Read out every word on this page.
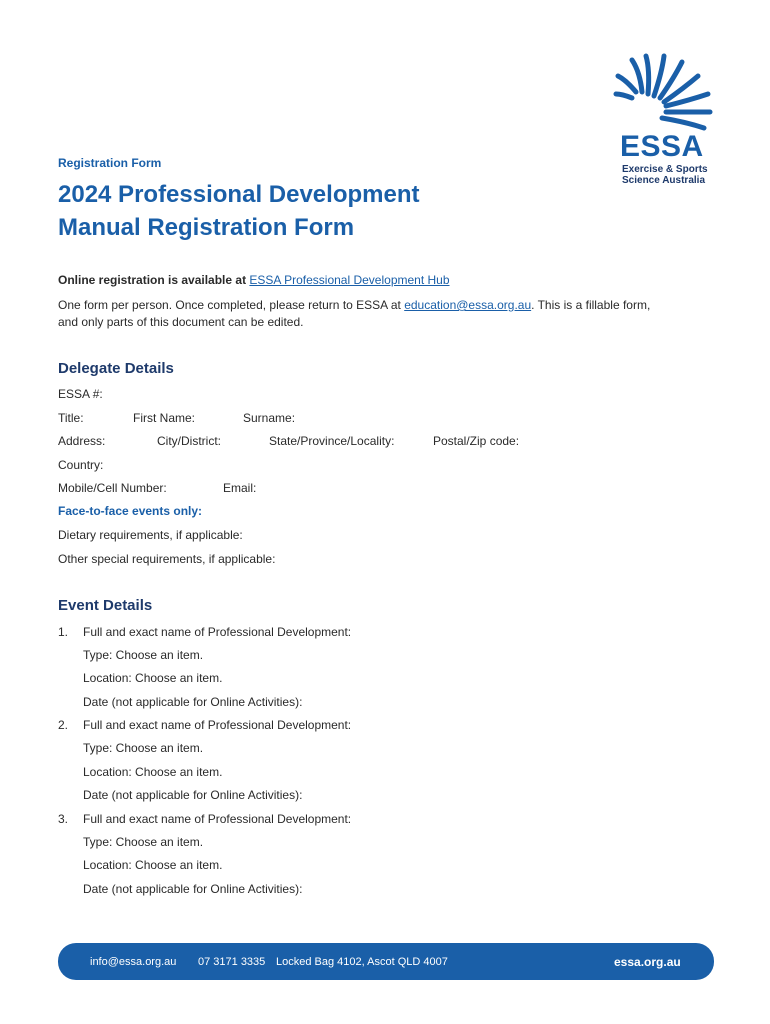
ESSA
Exercise & Sports
Science Australia
Registration Form
2024 Professional Development
Manual Registration Form
Online registration is available at ESSA Professional Development Hub
One form per person. Once completed, please return to ESSA at education@essa.org.au. This is a fillable form,
and only parts of this document can be edited.
Delegate Details
ESSA #:
Title:	First Name:	Surname:
Address:	City/District:	State/Province/Locality:	Postal/Zip code:
Country:
Mobile/Cell Number:	Email:
Face-to-face events only:
Dietary requirements, if applicable:
Other special requirements, if applicable:
Event Details
1. Full and exact name of Professional Development:
Type: Choose an item.
Location: Choose an item.
Date (not applicable for Online Activities):
2. Full and exact name of Professional Development:
Type: Choose an item.
Location: Choose an item.
Date (not applicable for Online Activities):
3. Full and exact name of Professional Development:
Type: Choose an item.
Location: Choose an item.
Date (not applicable for Online Activities):
info@essa.org.au 07 3171 3335 Locked Bag 4102, Ascot QLD 4007	essa.org.au
